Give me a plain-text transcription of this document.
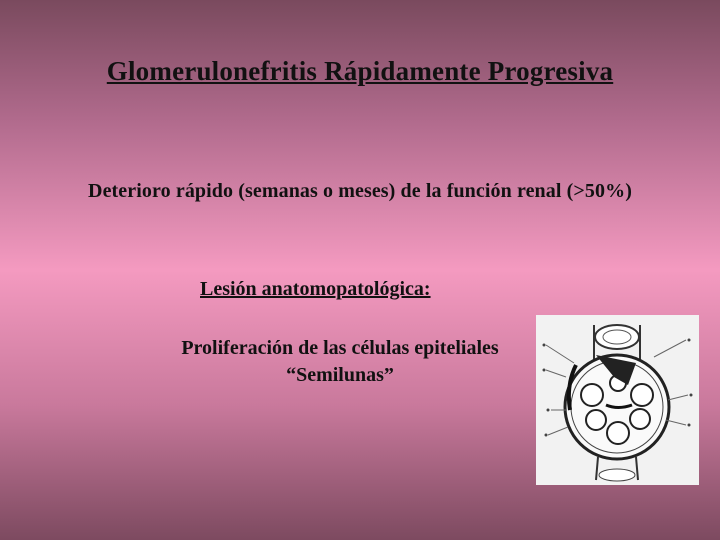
Glomerulonefritis Rápidamente Progresiva
Deterioro rápido (semanas o meses) de la función renal (>50%)
Lesión anatomopatológica:
Proliferación de las células epiteliales
“Semilunas”
